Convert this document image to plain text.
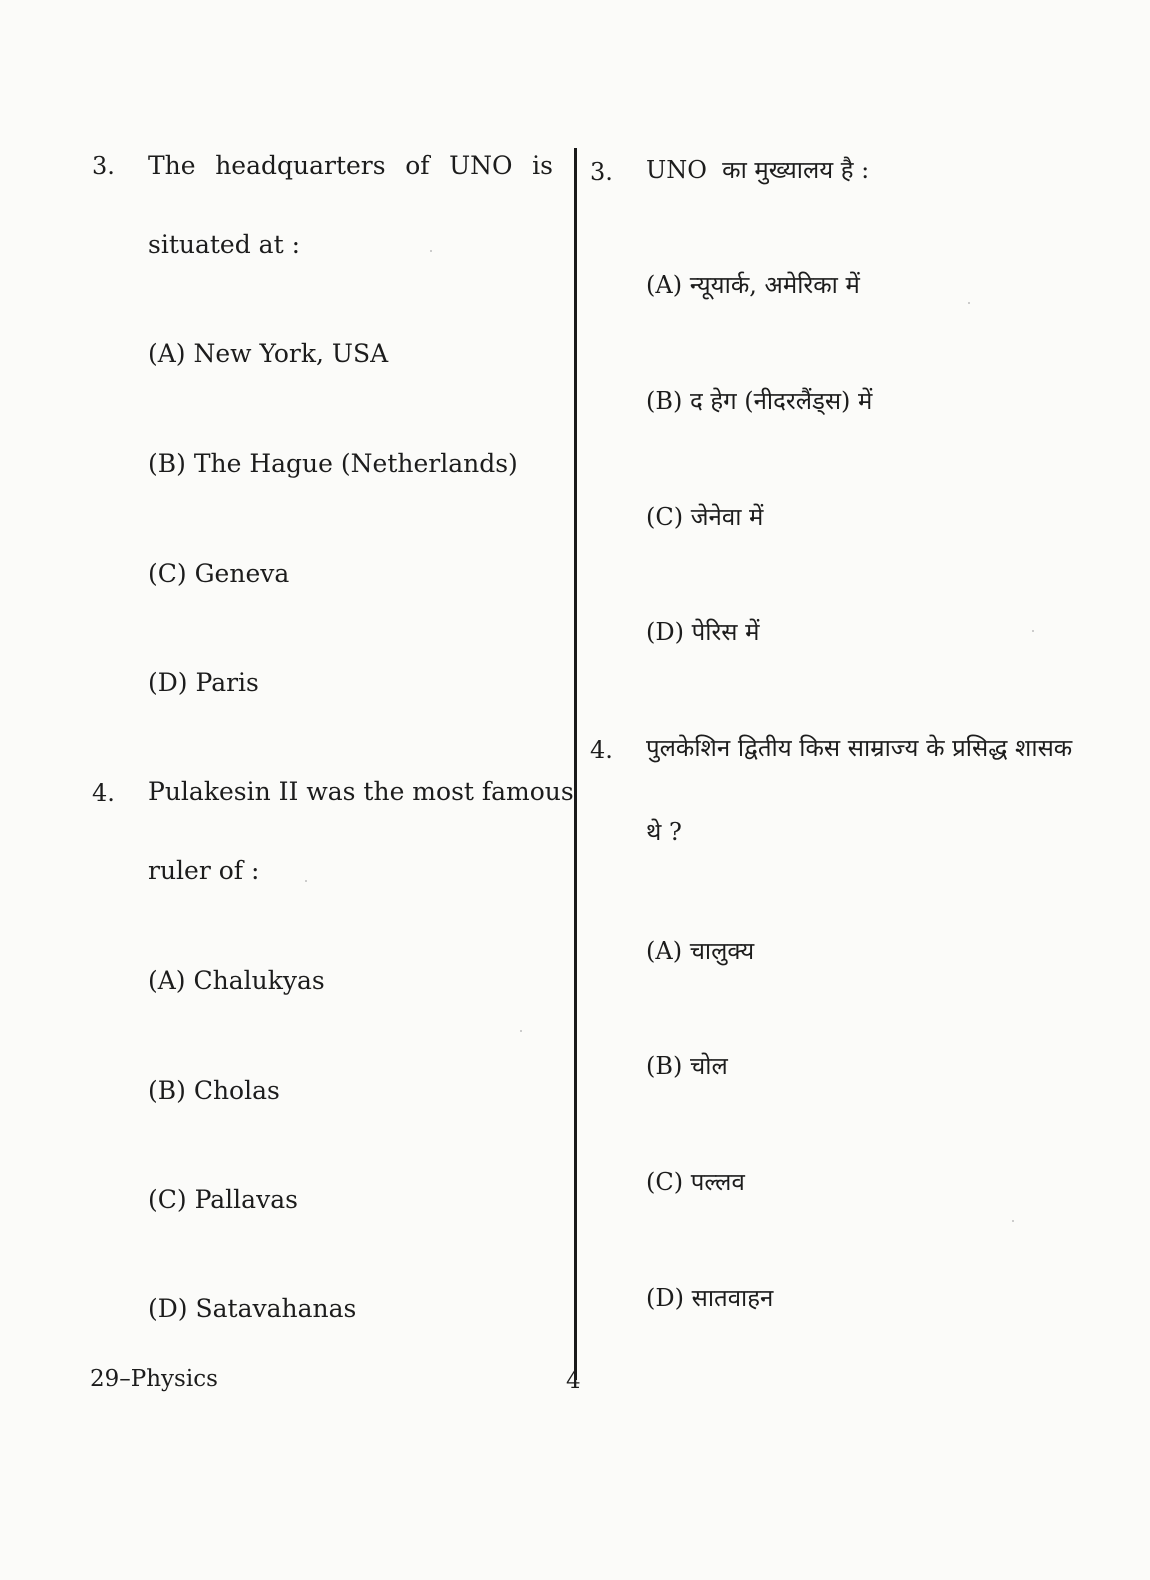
3. The headquarters of UNO is
situated at :
(A) New York, USA
(B) The Hague (Netherlands)
(C) Geneva
(D) Paris
4. Pulakesin II was the most famous
ruler of :
(A) Chalukyas
(B) Cholas
(C) Pallavas
(D) Satavahanas
3. UNO  का मुख्यालय है :
(A) न्यूयार्क, अमेरिका में
(B) द हेग (नीदरलैंड्स) में
(C) जेनेवा में
(D) पेरिस में
4. पुलकेशिन द्वितीय किस साम्राज्य के प्रसिद्ध शासक
थे ?
(A) चालुक्य
(B) चोल
(C) पल्लव
(D) सातवाहन
29–Physics	4
